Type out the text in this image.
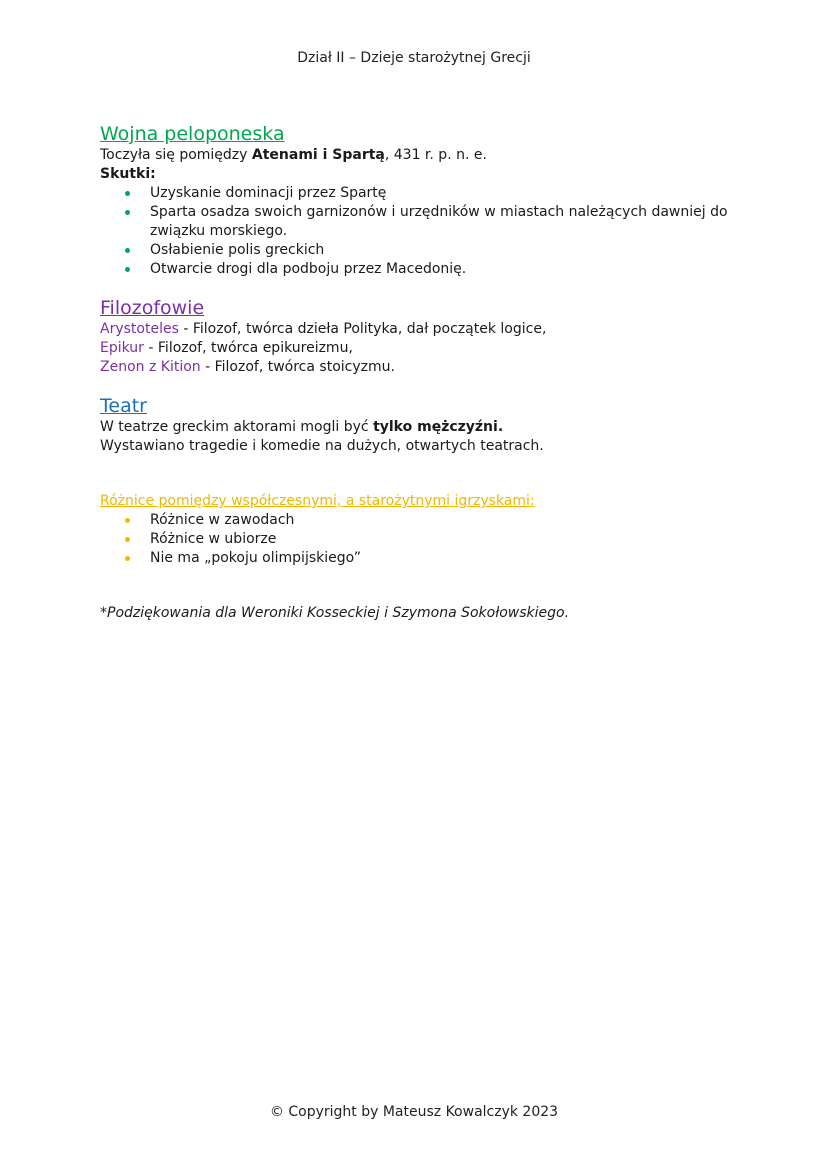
Dział II – Dzieje starożytnej Grecji
Wojna peloponeska
Toczyła się pomiędzy Atenami i Spartą, 431 r. p. n. e.
Skutki:
Uzyskanie dominacji przez Spartę
Sparta osadza swoich garnizonów i urzędników w miastach należących dawniej do związku morskiego.
Osłabienie polis greckich
Otwarcie drogi dla podboju przez Macedonię.
Filozofowie
Arystoteles - Filozof, twórca dzieła Polityka, dał początek logice,
Epikur - Filozof, twórca epikureizmu,
Zenon z Kition - Filozof, twórca stoicyzmu.
Teatr
W teatrze greckim aktorami mogli być tylko mężczyźni.
Wystawiano tragedie i komedie na dużych, otwartych teatrach.
Różnice pomiędzy współczesnymi, a starożytnymi igrzyskami:
Różnice w zawodach
Różnice w ubiorze
Nie ma „pokoju olimpijskiego”
*Podziękowania dla Weroniki Kosseckiej i Szymona Sokołowskiego.
© Copyright by Mateusz Kowalczyk 2023
